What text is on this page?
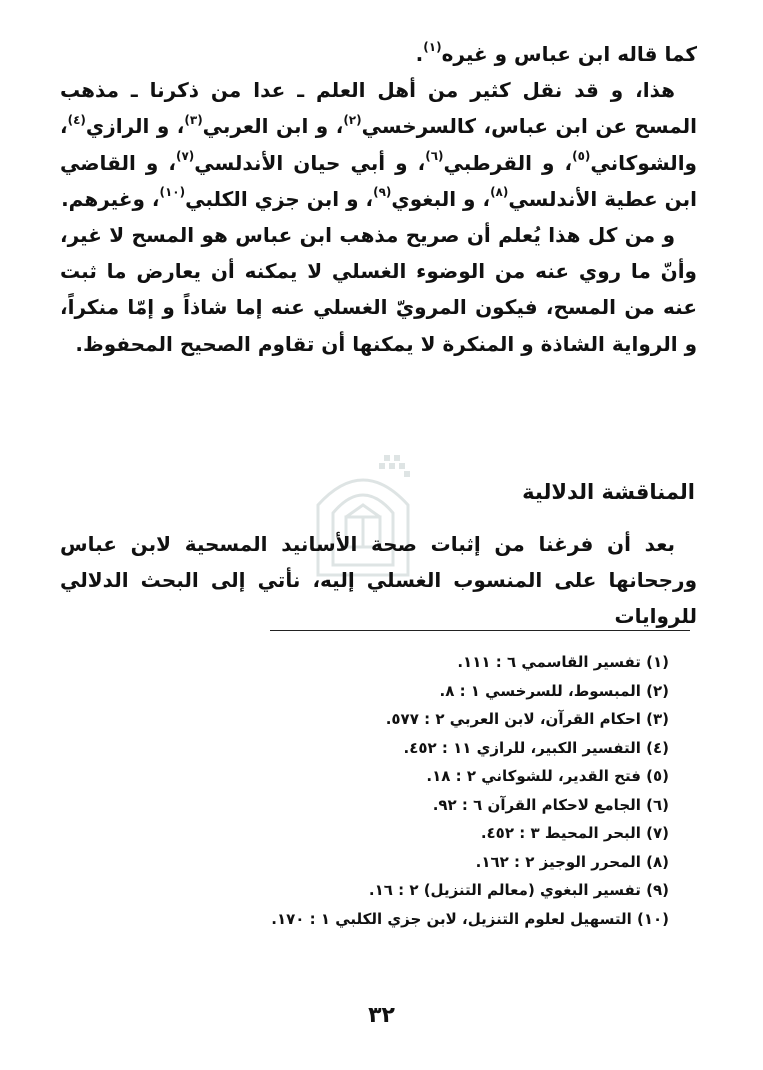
كما قاله ابن عباس و غيره$^{(١)}$.

هذا، و قد نقل كثير من أهل العلم ـ عدا من ذكرنا ـ مذهب المسح عن ابن عباس، كالسرخسي$^{(٢)}$، و ابن العربي$^{(٣)}$، و الرازي$^{(٤)}$، والشوكاني$^{(٥)}$، و القرطبي$^{(٦)}$، و أبي حيان الأندلسي$^{(٧)}$، و القاضي ابن عطية الأندلسي$^{(٨)}$، و البغوي$^{(٩)}$، و ابن جزي الكلبي$^{(١٠)}$، وغيرهم.

و من كل هذا يُعلم أن صريح مذهب ابن عباس هو المسح لا غير، وأنّ ما روي عنه من الوضوء الغسلي لا يمكنه أن يعارض ما ثبت عنه من المسح، فيكون المرويّ الغسلي عنه إما شاذاً و إمّا منكراً، و الرواية الشاذة و المنكرة لا يمكنها أن تقاوم الصحيح المحفوظ.

المناقشة الدلالية

بعد أن فرغنا من إثبات صحة الأسانيد المسحية لابن عباس ورجحانها على المنسوب الغسلي إليه، نأتي إلى البحث الدلالي للروايات

(١) تفسير القاسمي ٦ : ١١١.
(٢) المبسوط، للسرخسي ١ : ٨.
(٣) احكام القرآن، لابن العربي ٢ : ٥٧٧.
(٤) التفسير الكبير، للرازي ١١ : ٤٥٢.
(٥) فتح القدير، للشوكاني ٢ : ١٨.
(٦) الجامع لاحكام القرآن ٦ : ٩٢.
(٧) البحر المحيط ٣ : ٤٥٢.
(٨) المحرر الوجيز ٢ : ١٦٢.
(٩) تفسير البغوي (معالم التنزيل) ٢ : ١٦.
(١٠) التسهيل لعلوم التنزيل، لابن جزي الكلبي ١ : ١٧٠.
٣٢
